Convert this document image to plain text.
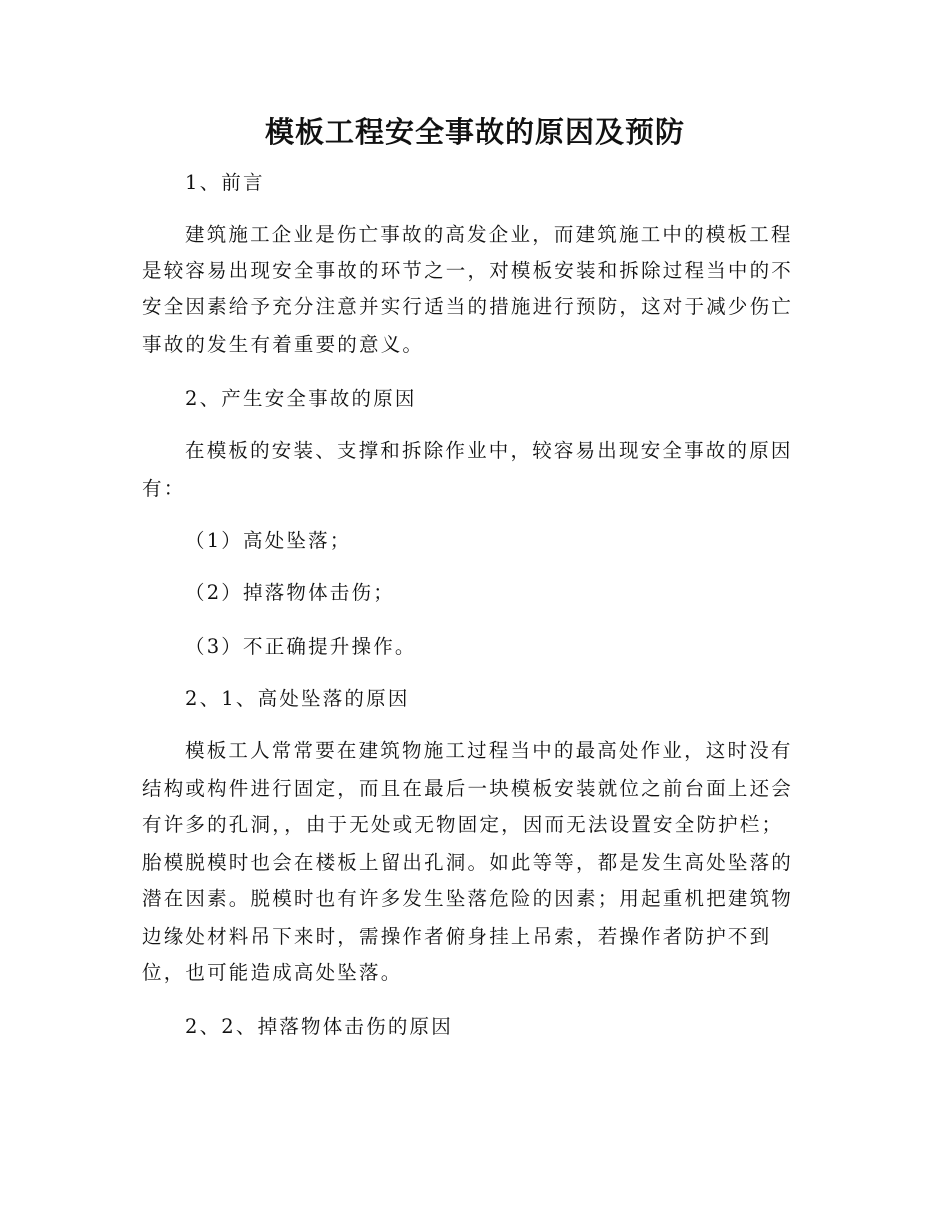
模板工程安全事故的原因及预防
1、前言
建筑施工企业是伤亡事故的高发企业，而建筑施工中的模板工程
是较容易出现安全事故的环节之一，对模板安装和拆除过程当中的不
安全因素给予充分注意并实行适当的措施进行预防，这对于减少伤亡
事故的发生有着重要的意义。
2、产生安全事故的原因
在模板的安装、支撑和拆除作业中，较容易出现安全事故的原因
有：
（1）高处坠落；
（2）掉落物体击伤；
（3）不正确提升操作。
2、1、高处坠落的原因
模板工人常常要在建筑物施工过程当中的最高处作业，这时没有
结构或构件进行固定，而且在最后一块模板安装就位之前台面上还会
有许多的孔洞，，由于无处或无物固定，因而无法设置安全防护栏；
胎模脱模时也会在楼板上留出孔洞。如此等等，都是发生高处坠落的
潜在因素。脱模时也有许多发生坠落危险的因素；用起重机把建筑物
边缘处材料吊下来时，需操作者俯身挂上吊索，若操作者防护不到
位，也可能造成高处坠落。
2、2、掉落物体击伤的原因
